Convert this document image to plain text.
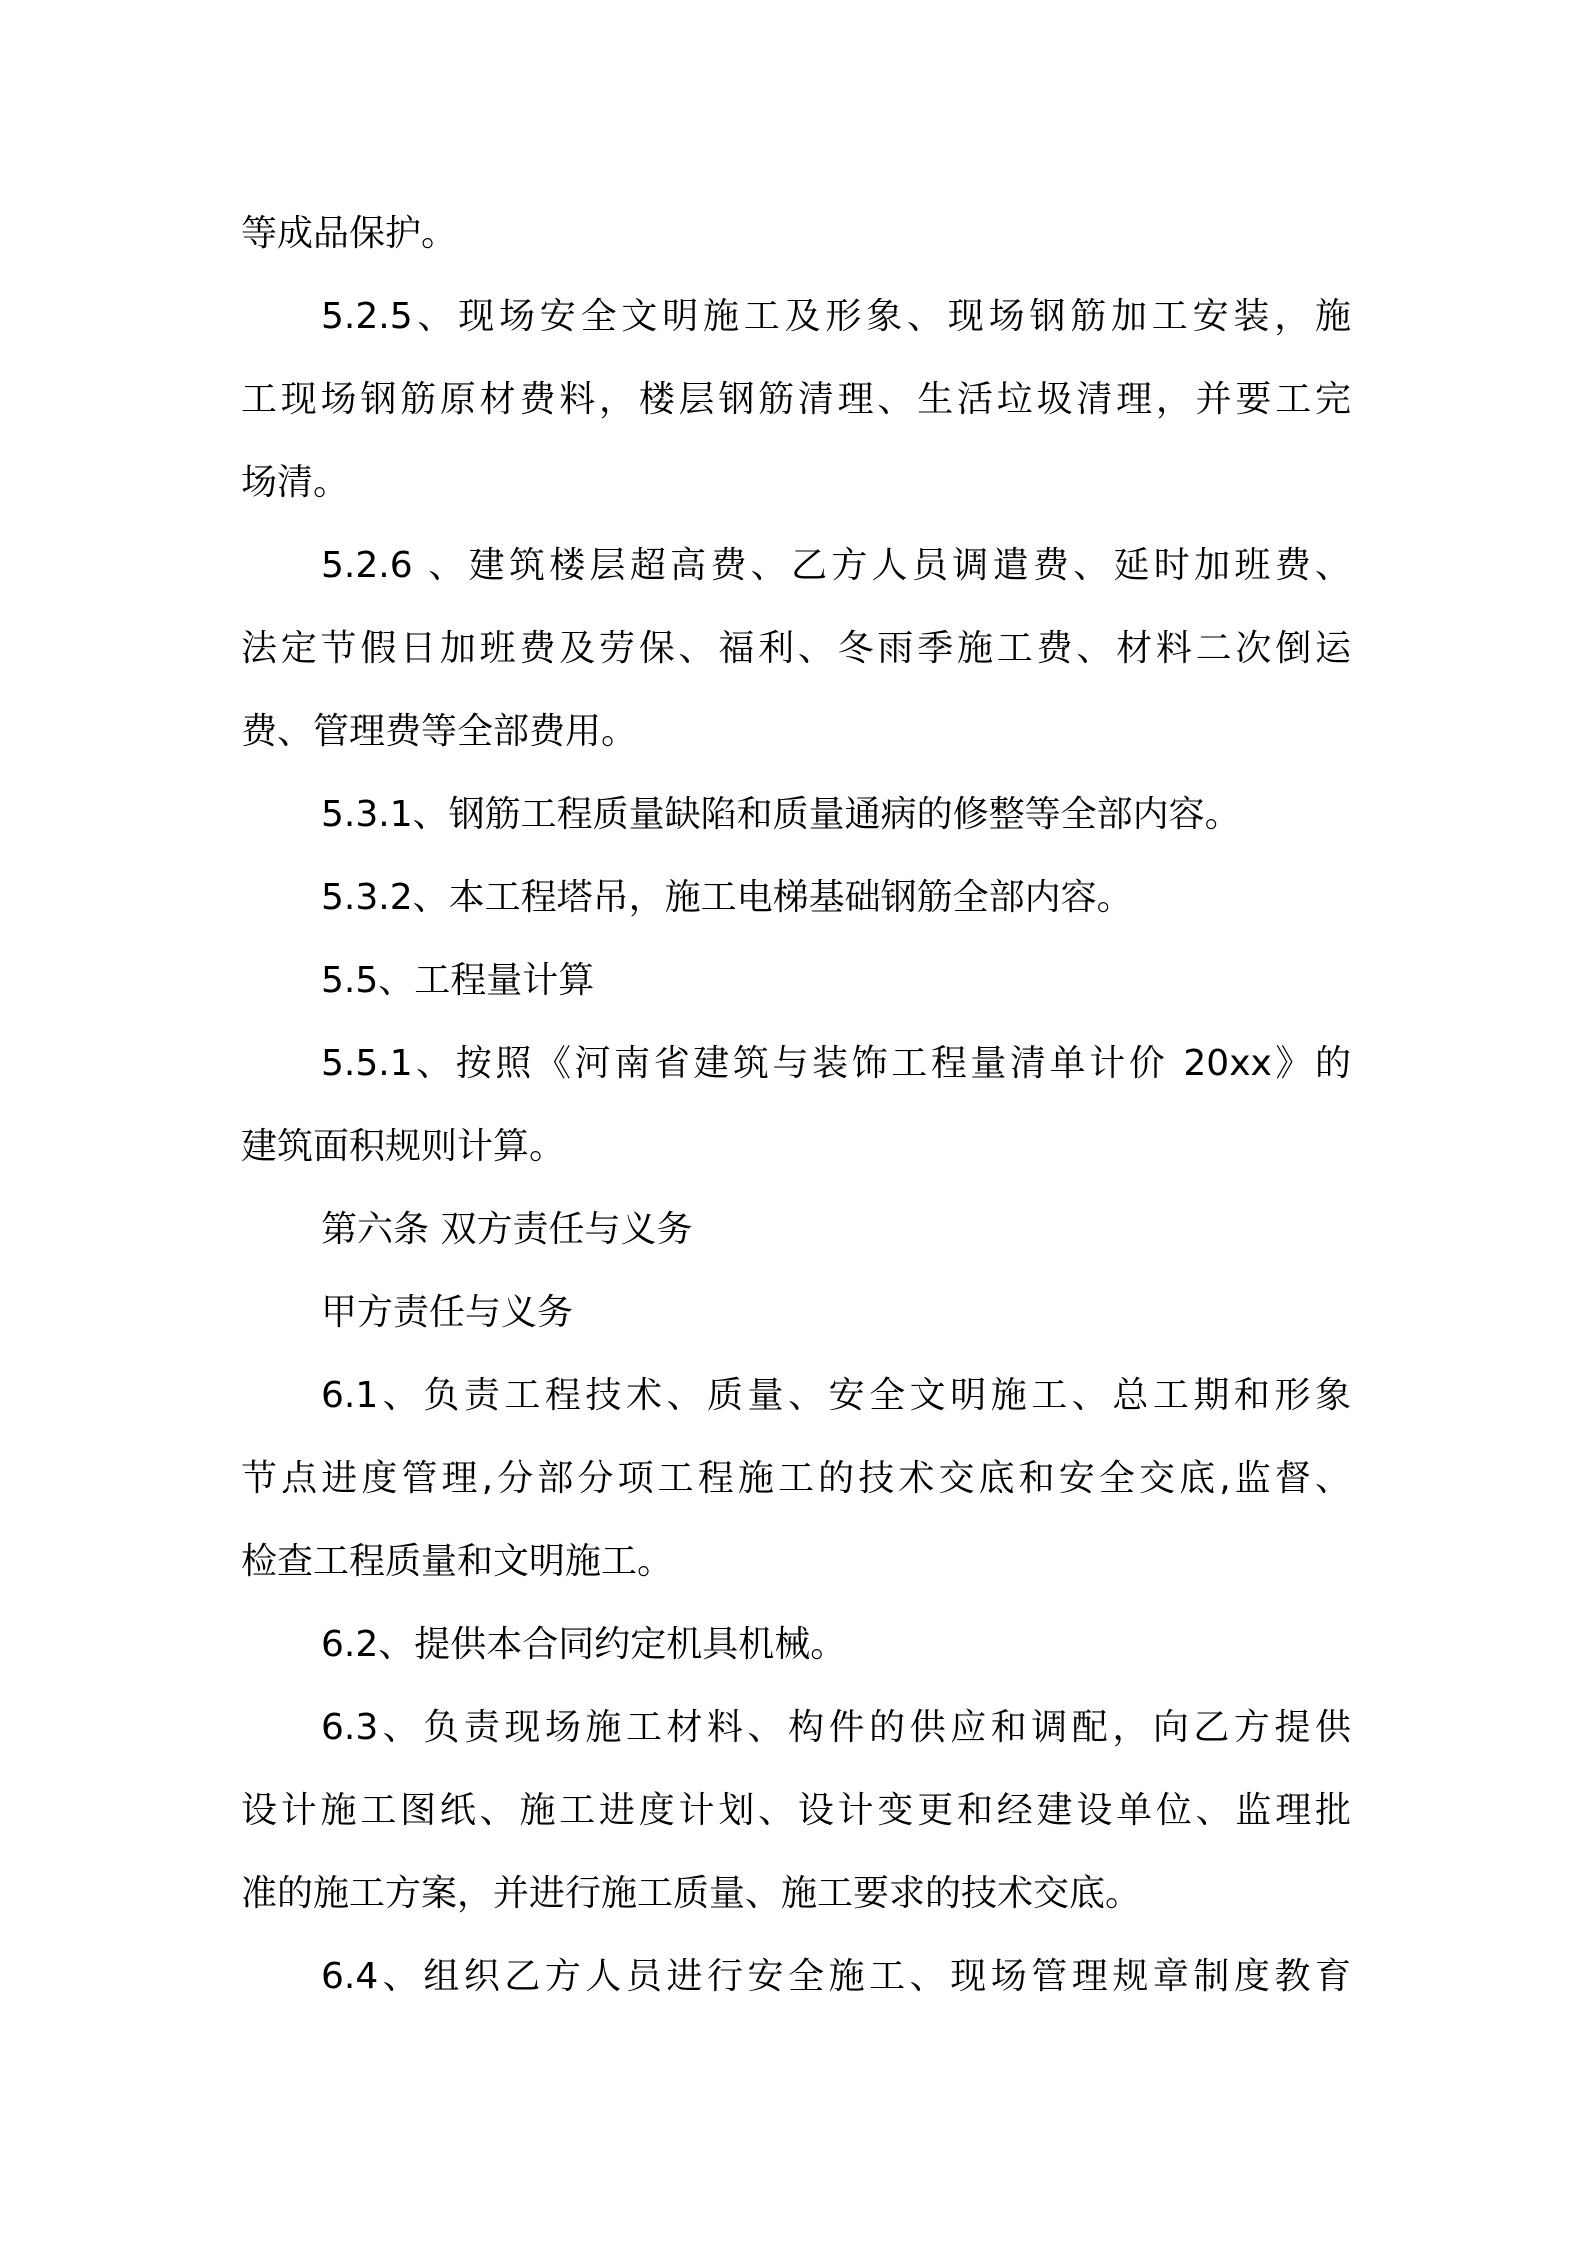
等成品保护。
5.2.5、现场安全文明施工及形象、现场钢筋加工安装，施
工现场钢筋原材费料，楼层钢筋清理、生活垃圾清理，并要工完
场清。
5.2.6 、建筑楼层超高费、乙方人员调遣费、延时加班费、
法定节假日加班费及劳保、福利、冬雨季施工费、材料二次倒运
费、管理费等全部费用。
5.3.1、钢筋工程质量缺陷和质量通病的修整等全部内容。
5.3.2、本工程塔吊，施工电梯基础钢筋全部内容。
5.5、工程量计算
5.5.1、按照《河南省建筑与装饰工程量清单计价 20xx》的
建筑面积规则计算。
第六条 双方责任与义务
甲方责任与义务
6.1、负责工程技术、质量、安全文明施工、总工期和形象
节点进度管理,分部分项工程施工的技术交底和安全交底,监督、
检查工程质量和文明施工。
6.2、提供本合同约定机具机械。
6.3、负责现场施工材料、构件的供应和调配，向乙方提供
设计施工图纸、施工进度计划、设计变更和经建设单位、监理批
准的施工方案，并进行施工质量、施工要求的技术交底。
6.4、组织乙方人员进行安全施工、现场管理规章制度教育
